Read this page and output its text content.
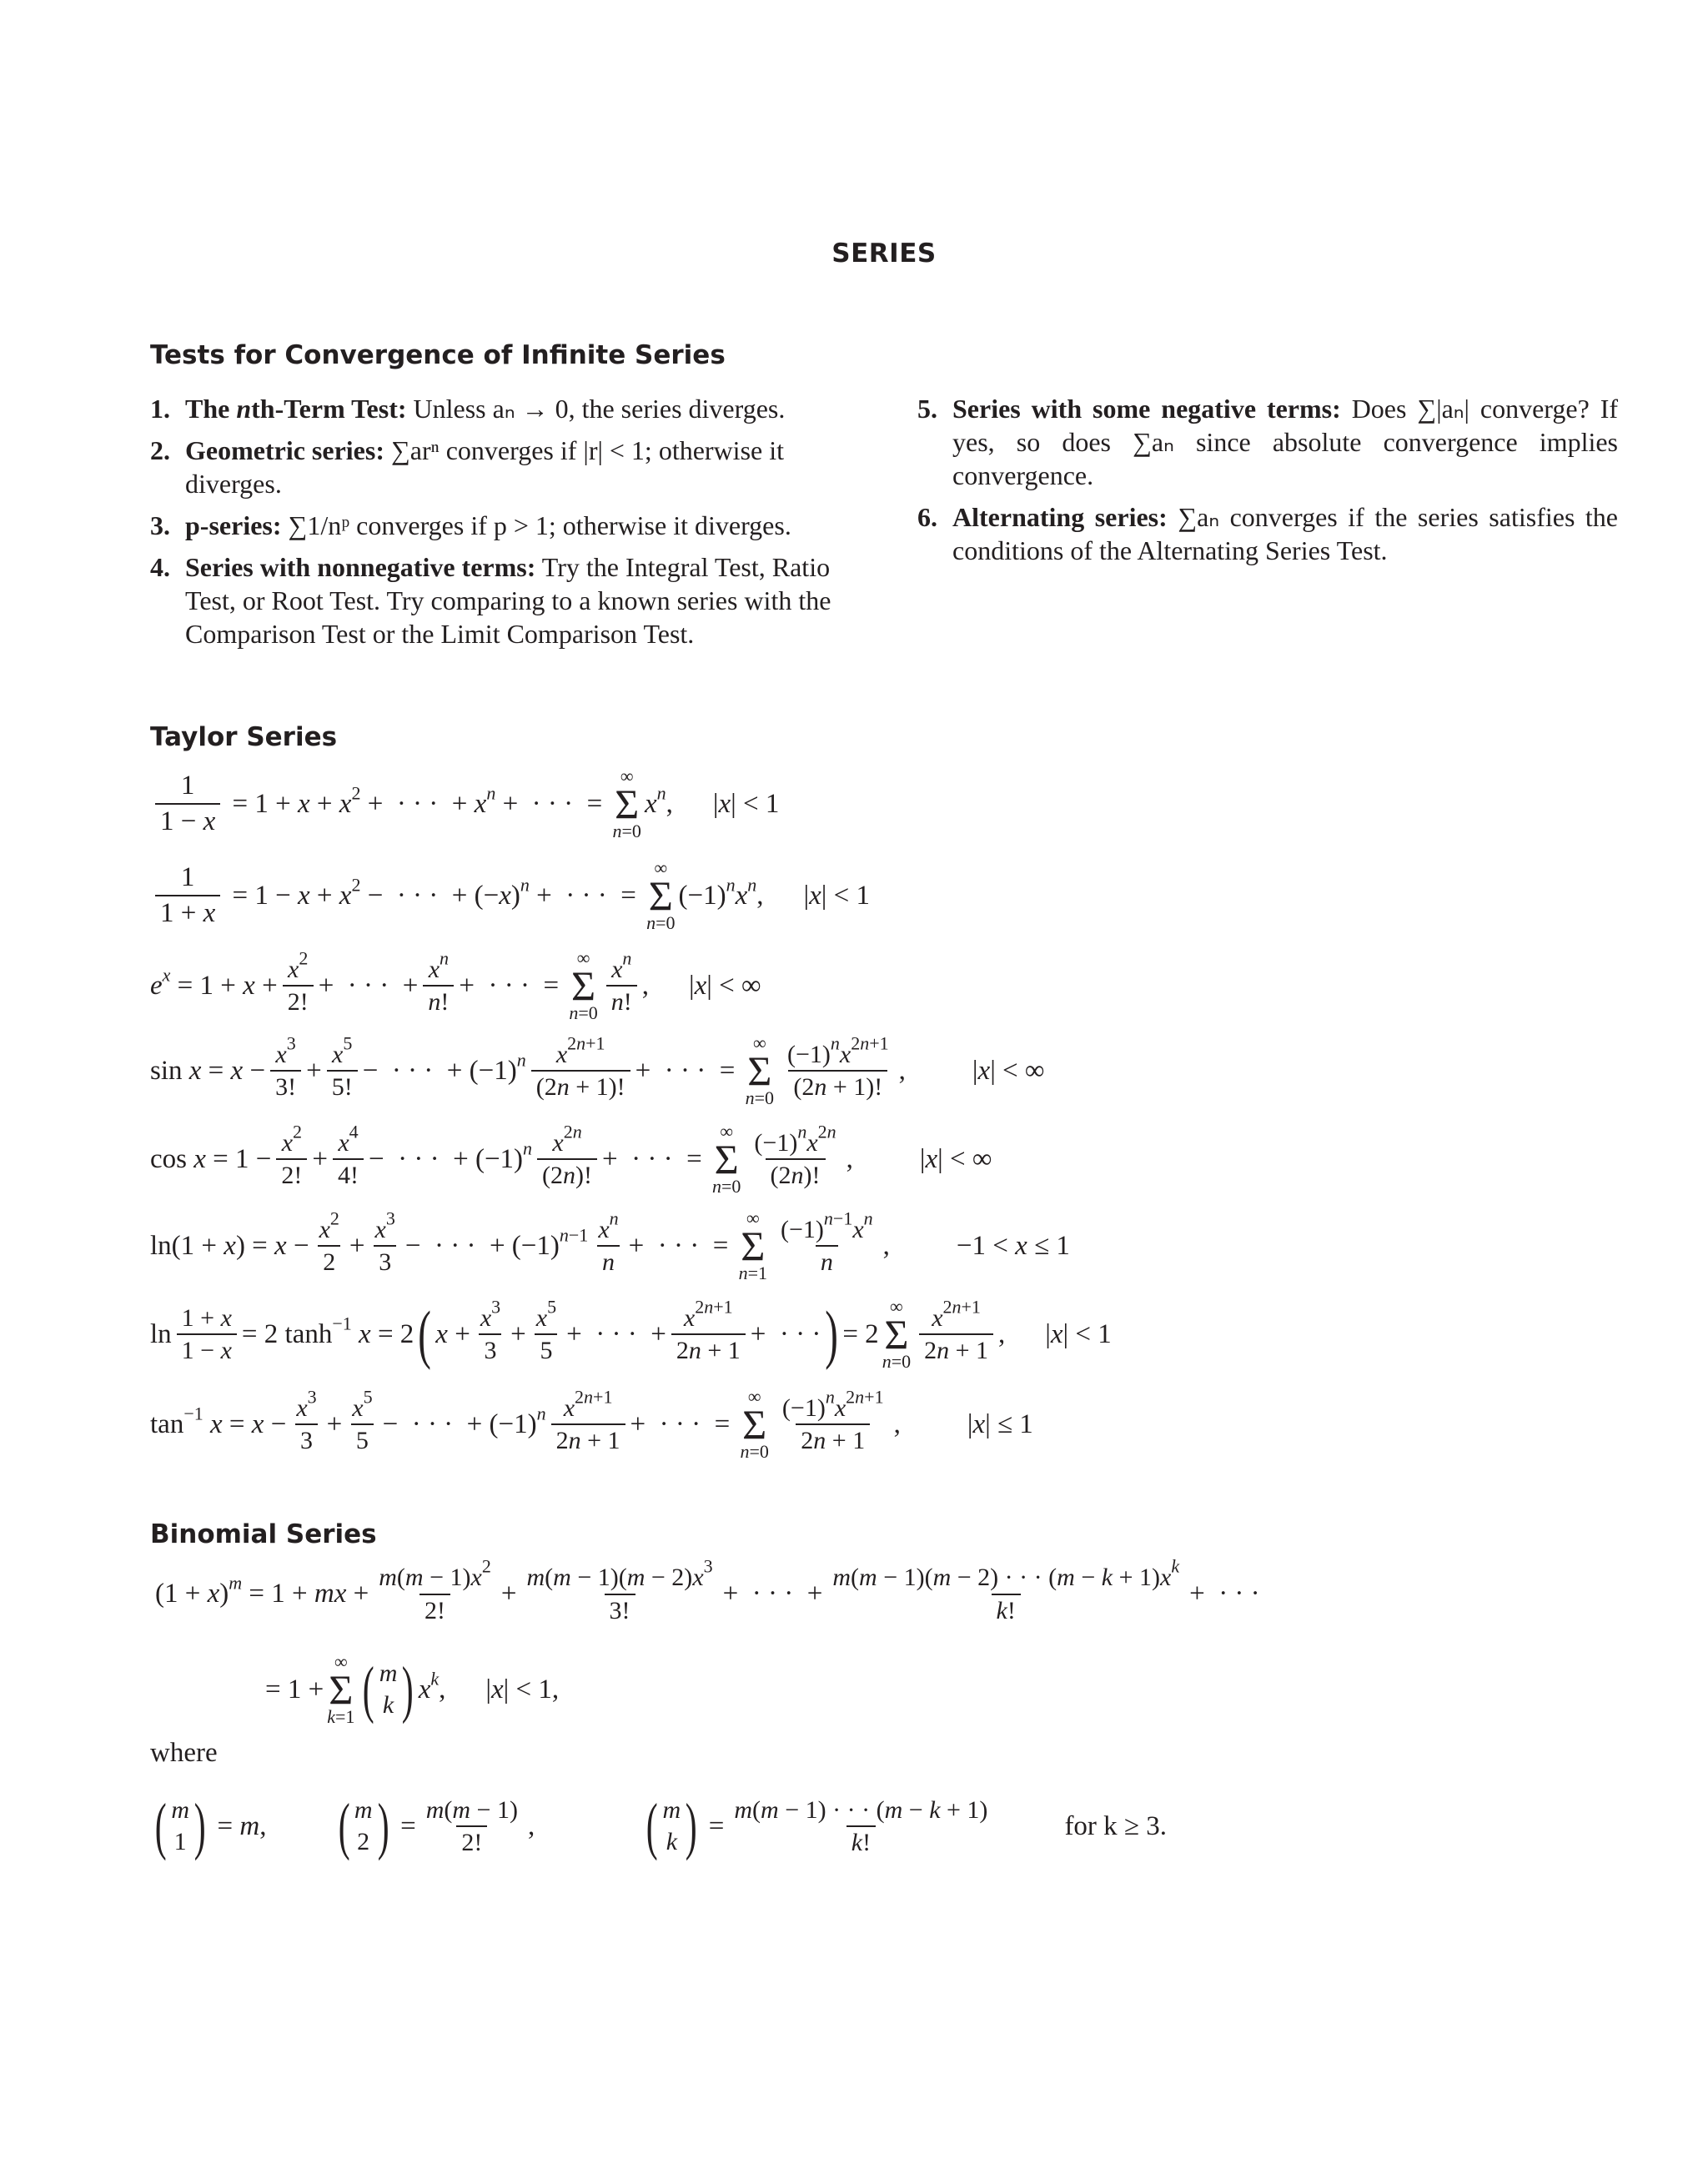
SERIES
Tests for Convergence of Infinite Series
1. The nth-Term Test: Unless aₙ → 0, the series diverges.
2. Geometric series: ∑arⁿ converges if |r| < 1; otherwise it diverges.
3. p-series: ∑1/nᵖ converges if p > 1; otherwise it diverges.
4. Series with nonnegative terms: Try the Integral Test, Ratio Test, or Root Test. Try comparing to a known series with the Comparison Test or the Limit Comparison Test.
5. Series with some negative terms: Does ∑|aₙ| converge? If yes, so does ∑aₙ since absolute convergence implies convergence.
6. Alternating series: ∑aₙ converges if the series satisfies the conditions of the Alternating Series Test.
Taylor Series
$\frac{1}{1 - x} = 1 + x + x^2$ +  · · ·  + $x^n$ +  · · ·  =
∞
Σ
n=0
$x^n$, |x| < 1
$\frac{1}{1 + x} = 1 - x + x^2$ −  · · ·  + $(-x)^n$ +  · · ·  =
∞
Σ
n=0
$(-1)^nx^n$, |x| < 1
$e^x = 1 + x + \frac{x^2}{2!}$ +  · · ·  + $\frac{x^n}{n!}$ +  · · ·  =
∞
Σ
$n=0 \frac{x^n}{n!}$ , |x| < ∞
$\sin x = x - \frac{x^3}{3!} + \frac{x^5}{5!}$ −  · · ·  + $(-1)^n \frac{x^{2n+1}}{(2n + 1)!}$ +  · · ·  =
∞
Σ
$n=0 \frac{(-1)^nx^{2n+1}}{(2n + 1)!}$ , |x| < ∞
$\cos x = 1 - \frac{x^2}{2!} + \frac{x^4}{4!}$ −  · · ·  + $(-1)^n \frac{x^{2n}}{(2n)!}$ +  · · ·  =
∞
Σ
$n=0 \frac{(-1)^nx^{2n}}{(2n)!}$ , |x| < ∞
$\ln(1 + x) = x - \frac{x^2}{2} + \frac{x^3}{3}$ −  · · ·  + $(-1)^{n-1} \frac{x^n}{n}$ +  · · ·  =
∞
Σ
$n=1 \frac{(-1)^{n-1}x^n}{n}$ , −1 < x ≤ 1
$\ln \frac{1 + x}{1 - x} = 2$ $\tanh^{-1} x = 2$ ( $x + \frac{x^3}{3} + \frac{x^5}{5}$ +  · · ·  + $\frac{x^{2n+1}}{2n + 1}$ +  · · · ) = 2
∞
Σ
$n=0 \frac{x^{2n+1}}{2n + 1}$ , |x| < 1
$\tan^{-1} x = x - \frac{x^3}{3} + \frac{x^5}{5}$ −  · · ·  + $(-1)^n \frac{x^{2n+1}}{2n + 1}$ +  · · ·  =
∞
Σ
$n=0 \frac{(-1)^nx^{2n+1}}{2n + 1}$ , |x| ≤ 1
Binomial Series
$(1 + x)^m = 1$ + mx + $\frac{m(m - 1)x^2}{2!} + \frac{m(m - 1)(m - 2)x^3}{3!}$ +  · · ·  + $\frac{m(m - 1)(m - 2) \cdot \cdot \cdot (m - k + 1)x^k}{k!}$ +  · · ·
= 1 +
∞
Σ
k=1 ( m
k ) $x^k$, |x| < 1,
where
( m
1 ) = m, ( m
2 ) = $\frac{m(m - 1)}{2!}$ , ( m
k ) = $\frac{m(m - 1) \cdot \cdot \cdot (m - k + 1)}{k!}$	for k ≥ 3.
